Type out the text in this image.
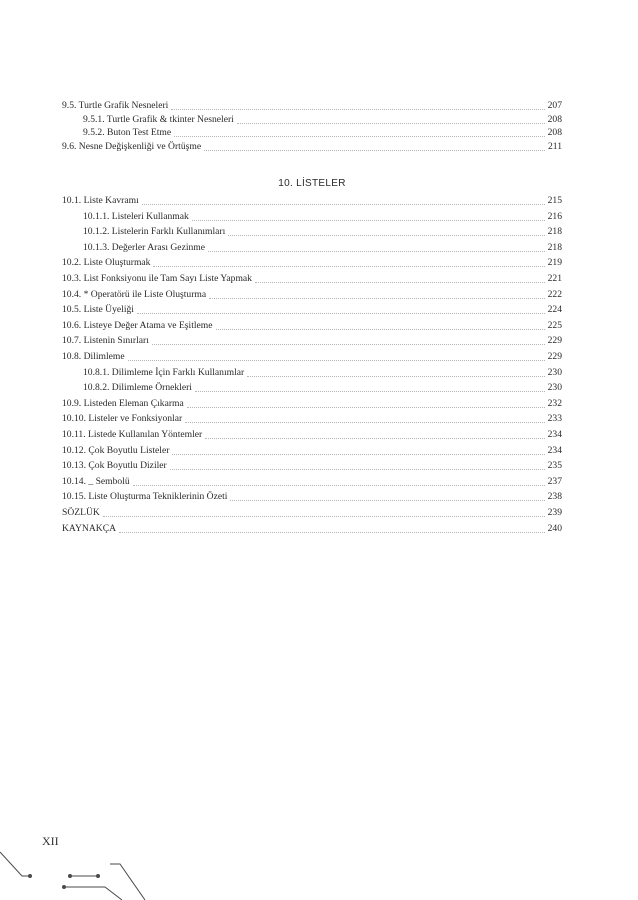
9.5. Turtle Grafik Nesneleri	207
9.5.1. Turtle Grafik & tkinter Nesneleri	208
9.5.2. Buton Test Etme	208
9.6. Nesne Değişkenliği ve Örtüşme	211
10. LİSTELER
10.1. Liste Kavramı	215
10.1.1. Listeleri Kullanmak	216
10.1.2. Listelerin Farklı Kullanımları	218
10.1.3. Değerler Arası Gezinme	218
10.2. Liste Oluşturmak	219
10.3. List Fonksiyonu ile Tam Sayı Liste Yapmak	221
10.4. * Operatörü ile Liste Oluşturma	222
10.5. Liste Üyeliği	224
10.6. Listeye Değer Atama ve Eşitleme	225
10.7. Listenin Sınırları	229
10.8. Dilimleme	229
10.8.1. Dilimleme İçin Farklı Kullanımlar	230
10.8.2. Dilimleme Örnekleri	230
10.9. Listeden Eleman Çıkarma	232
10.10. Listeler ve Fonksiyonlar	233
10.11. Listede Kullanılan Yöntemler	234
10.12. Çok Boyutlu Listeler	234
10.13. Çok Boyutlu Diziler	235
10.14. _ Sembolü	237
10.15. Liste Oluşturma Tekniklerinin Özeti	238
SÖZLÜK	239
KAYNAKÇA	240
XII
